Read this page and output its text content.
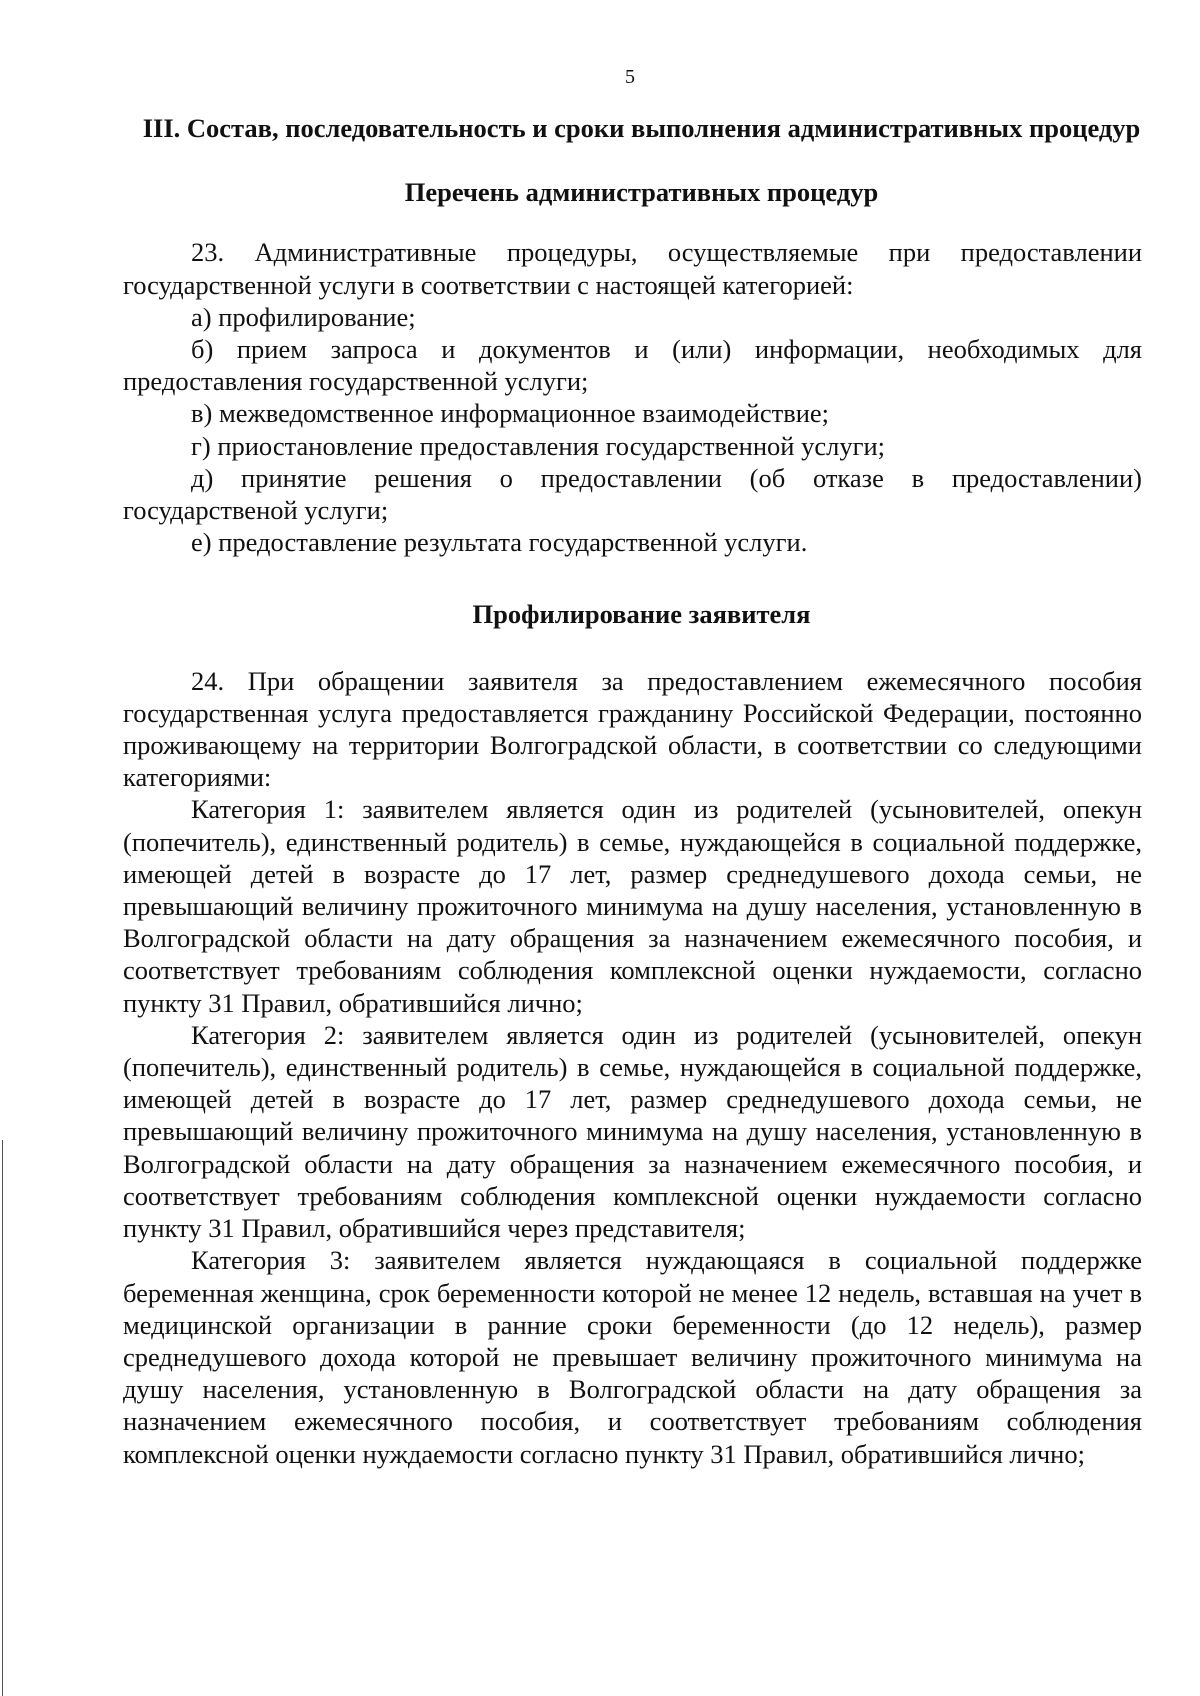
5
III. Состав, последовательность и сроки выполнения административных процедур
Перечень административных процедур

23. Административные процедуры, осуществляемые при предоставлении государственной услуги в соответствии с настоящей категорией:

а) профилирование;

б) прием запроса и документов и (или) информации, необходимых для предоставления государственной услуги;

в) межведомственное информационное взаимодействие;

г) приостановление предоставления государственной услуги;

д) принятие решения о предоставлении (об отказе в предоставлении) государственой услуги;

е) предоставление результата государственной услуги.

Профилирование заявителя

24. При обращении заявителя за предоставлением ежемесячного пособия государственная услуга предоставляется гражданину Российской Федерации, постоянно проживающему на территории Волгоградской области, в соответствии со следующими категориями:

Категория 1: заявителем является один из родителей (усыновителей, опекун (попечитель), единственный родитель) в семье, нуждающейся в социальной поддержке, имеющей детей в возрасте до 17 лет, размер среднедушевого дохода семьи, не превышающий величину прожиточного минимума на душу населения, установленную в Волгоградской области на дату обращения за назначением ежемесячного пособия, и соответствует требованиям соблюдения комплексной оценки нуждаемости, согласно пункту 31 Правил, обратившийся лично;

Категория 2: заявителем является один из родителей (усыновителей, опекун (попечитель), единственный родитель) в семье, нуждающейся в социальной поддержке, имеющей детей в возрасте до 17 лет, размер среднедушевого дохода семьи, не превышающий величину прожиточного минимума на душу населения, установленную в Волгоградской области на дату обращения за назначением ежемесячного пособия, и соответствует требованиям соблюдения комплексной оценки нуждаемости согласно пункту 31 Правил, обратившийся через представителя;

Категория 3: заявителем является нуждающаяся в социальной поддержке беременная женщина, срок беременности которой не менее 12 недель, вставшая на учет в медицинской организации в ранние сроки беременности (до 12 недель), размер среднедушевого дохода которой не превышает величину прожиточного минимума на душу населения, установленную в Волгоградской области на дату обращения за назначением ежемесячного пособия, и соответствует требованиям соблюдения комплексной оценки нуждаемости согласно пункту 31 Правил, обратившийся лично;
